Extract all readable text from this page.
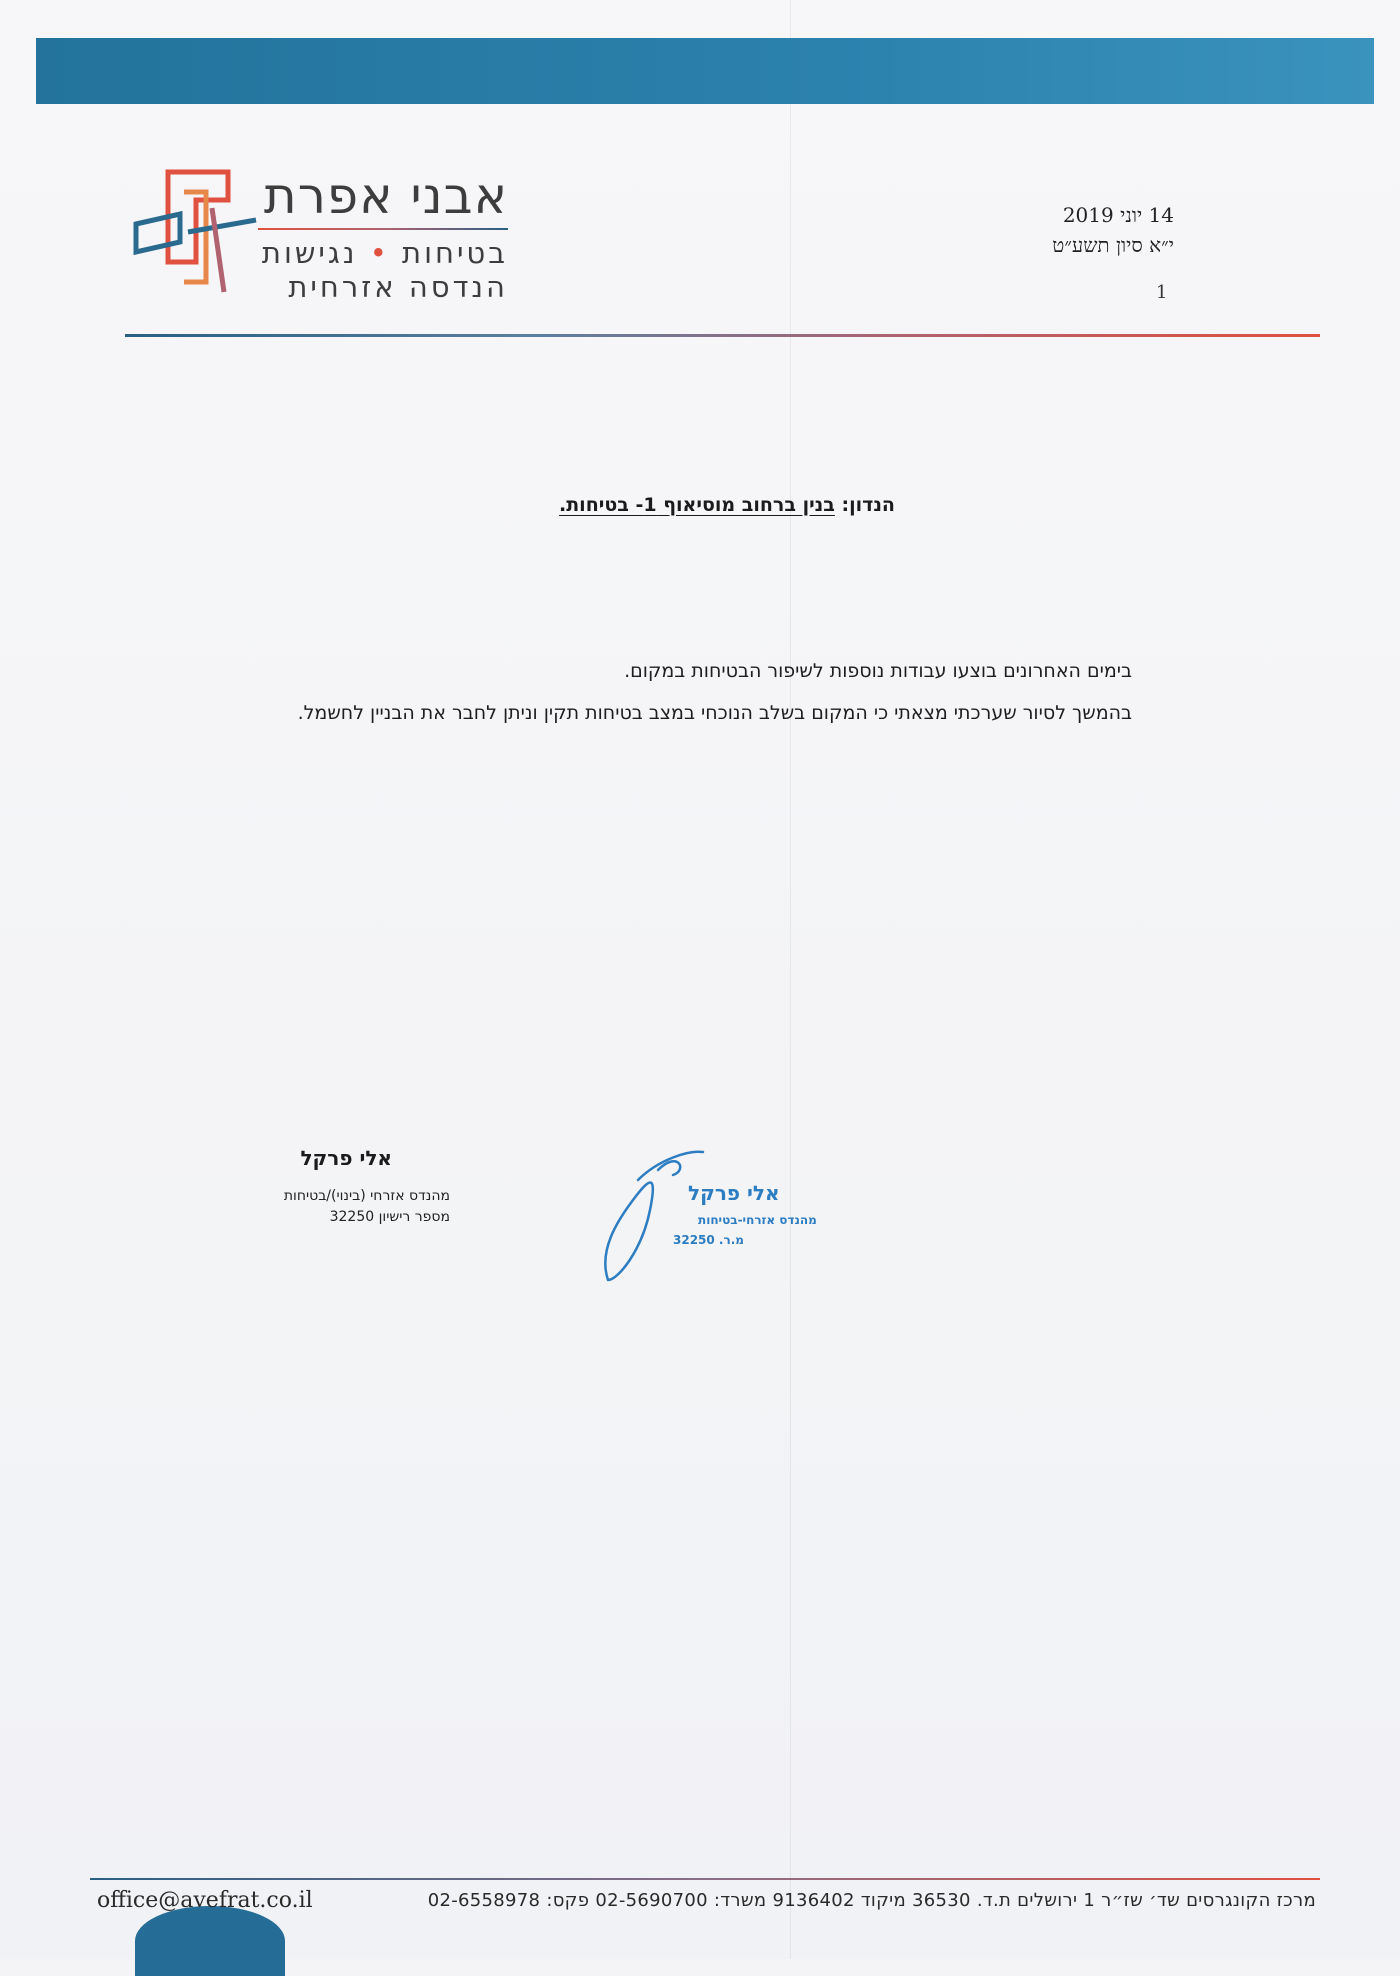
אבני אפרת
בטיחות • נגישות
הנדסה אזרחית
14 יוני 2019
י״א סיון תשע״ט
1
הנדון: בנין ברחוב מוסיאוף 1- בטיחות.

בימים האחרונים בוצעו עבודות נוספות לשיפור הבטיחות במקום.

בהמשך לסיור שערכתי מצאתי כי המקום בשלב הנוכחי במצב בטיחות תקין וניתן לחבר את הבניין לחשמל.

אלי פרקל
מהנדס אזרחי (בינוי)/בטיחות
מספר רישיון 32250
אלי פרקל
מהנדס אזרחי-בטיחות
מ.ר. 32250
office@avefrat.co.il	מרכז הקונגרסים שד׳ שז״ר 1 ירושלים ת.ד. 36530 מיקוד 9136402 משרד: 02-5690700 פקס: 02-6558978
